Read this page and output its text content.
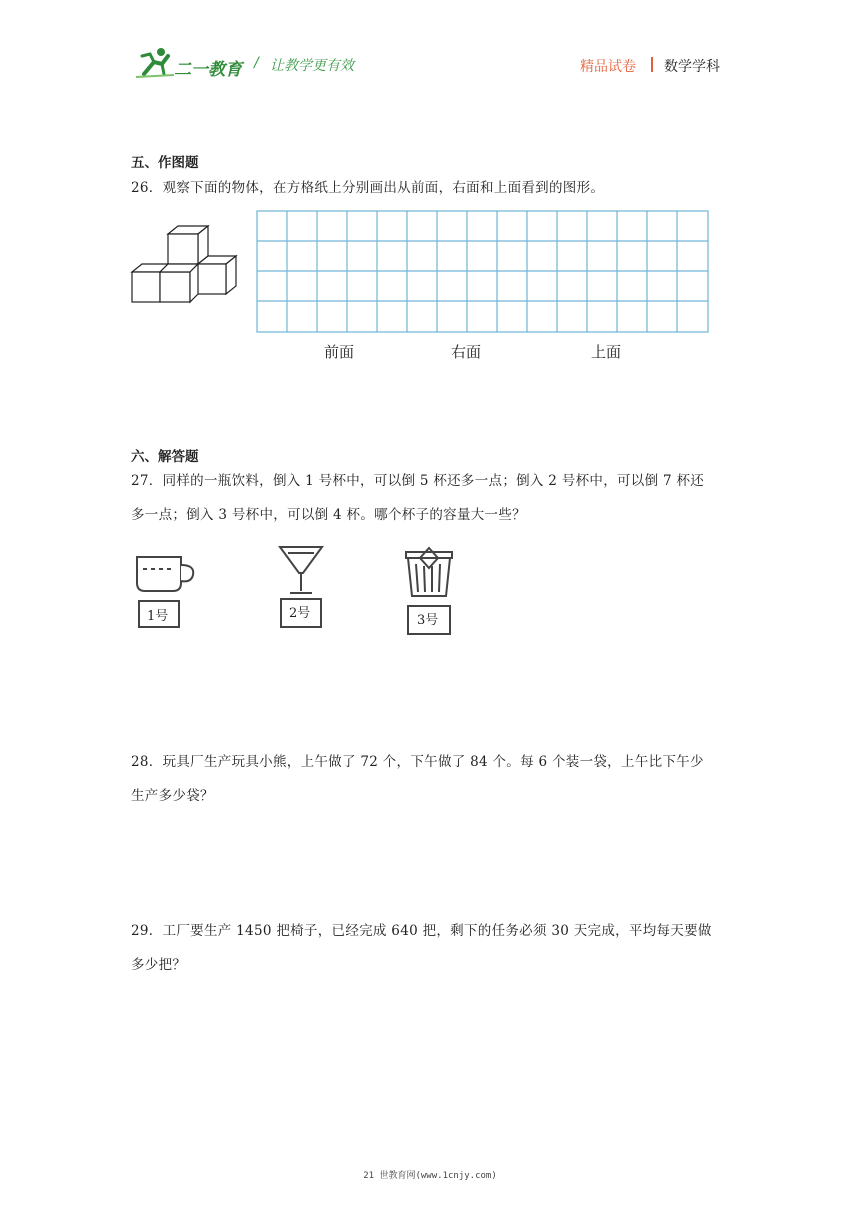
二一教育 / 让教学更有效	精品试卷 数学学科
五、作图题
26．观察下面的物体，在方格纸上分别画出从前面，右面和上面看到的图形。
前面	右面	上面
六、解答题
27．同样的一瓶饮料，倒入 1 号杯中，可以倒 5 杯还多一点；倒入 2 号杯中，可以倒 7 杯还
多一点；倒入 3 号杯中，可以倒 4 杯。哪个杯子的容量大一些？
1号	2号	3号
28．玩具厂生产玩具小熊，上午做了 72 个，下午做了 84 个。每 6 个装一袋，上午比下午少
生产多少袋？
29．工厂要生产 1450 把椅子，已经完成 640 把，剩下的任务必须 30 天完成，平均每天要做
多少把？
21 世教育网(www.1cnjy.com)
